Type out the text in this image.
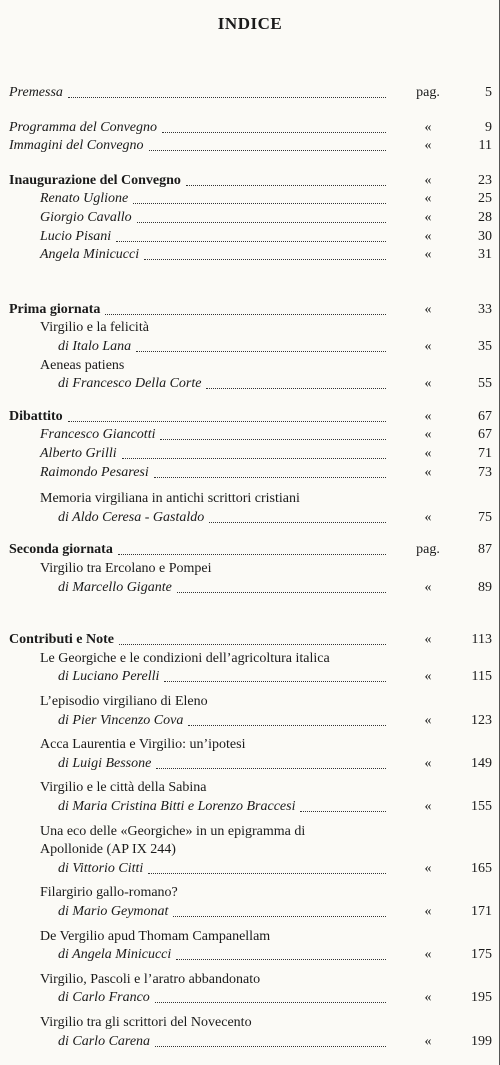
INDICE
Premessa	pag.	5
Programma del Convegno	«	9
Immagini del Convegno	«	11
Inaugurazione del Convegno	«	23
Renato Uglione	«	25
Giorgio Cavallo	«	28
Lucio Pisani	«	30
Angela Minicucci	«	31
Prima giornata	«	33
Virgilio e la felicità
di Italo Lana	«	35
Aeneas patiens
di Francesco Della Corte	«	55
Dibattito	«	67
Francesco Giancotti	«	67
Alberto Grilli	«	71
Raimondo Pesaresi	«	73
Memoria virgiliana in antichi scrittori cristiani
di Aldo Ceresa - Gastaldo	«	75
Seconda giornata	pag.	87
Virgilio tra Ercolano e Pompei
di Marcello Gigante	«	89
Contributi e Note	«	113
Le Georgiche e le condizioni dell’agricoltura italica
di Luciano Perelli	«	115
L’episodio virgiliano di Eleno
di Pier Vincenzo Cova	«	123
Acca Laurentia e Virgilio: un’ipotesi
di Luigi Bessone	«	149
Virgilio e le città della Sabina
di Maria Cristina Bitti e Lorenzo Braccesi	«	155
Una eco delle «Georgiche» in un epigramma di
Apollonide (AP IX 244)
di Vittorio Citti	«	165
Filargirio gallo-romano?
di Mario Geymonat	«	171
De Vergilio apud Thomam Campanellam
di Angela Minicucci	«	175
Virgilio, Pascoli e l’aratro abbandonato
di Carlo Franco	«	195
Virgilio tra gli scrittori del Novecento
di Carlo Carena	«	199
